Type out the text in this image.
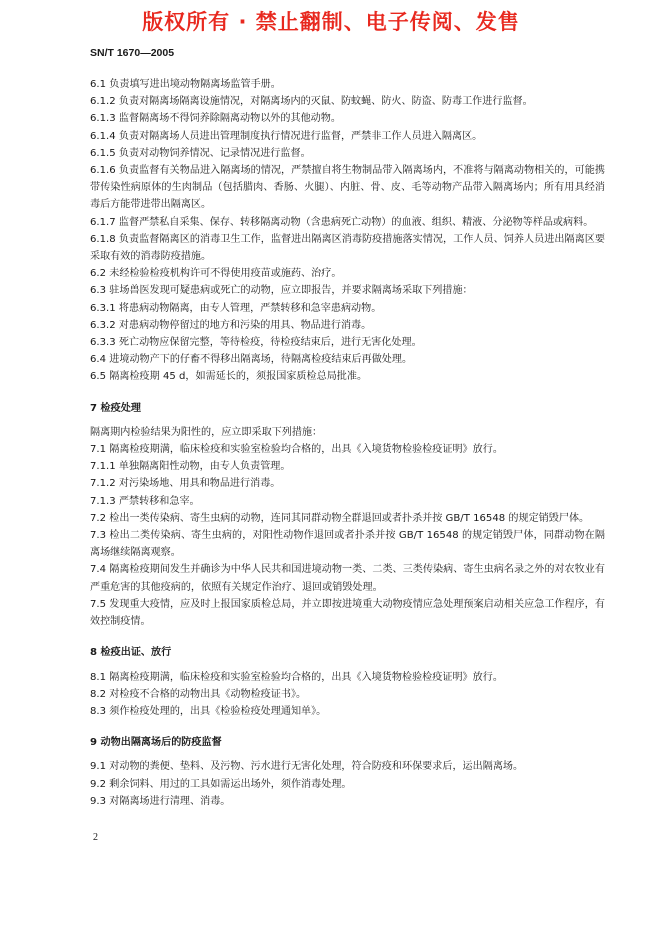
版权所有 · 禁止翻制、电子传阅、发售
SN/T 1670—2005

6.1 负责填写进出境动物隔离场监管手册。

6.1.2 负责对隔离场隔离设施情况，对隔离场内的灭鼠、防蚊蝇、防火、防盗、防毒工作进行监督。

6.1.3 监督隔离场不得饲养除隔离动物以外的其他动物。

6.1.4 负责对隔离场人员进出管理制度执行情况进行监督，严禁非工作人员进入隔离区。

6.1.5 负责对动物饲养情况、记录情况进行监督。

6.1.6 负责监督有关物品进入隔离场的情况，严禁擅自将生物制品带入隔离场内，不准将与隔离动物相关的，可能携带传染性病原体的生肉制品（包括腊肉、香肠、火腿）、内脏、骨、皮、毛等动物产品带入隔离场内；所有用具经消毒后方能带进带出隔离区。

6.1.7 监督严禁私自采集、保存、转移隔离动物（含患病死亡动物）的血液、组织、精液、分泌物等样品或病料。

6.1.8 负责监督隔离区的消毒卫生工作，监督进出隔离区消毒防疫措施落实情况，工作人员、饲养人员进出隔离区要采取有效的消毒防疫措施。

6.2 未经检验检疫机构许可不得使用疫苗或施药、治疗。

6.3 驻场兽医发现可疑患病或死亡的动物，应立即报告，并要求隔离场采取下列措施：

6.3.1 将患病动物隔离，由专人管理，严禁转移和急宰患病动物。

6.3.2 对患病动物停留过的地方和污染的用具、物品进行消毒。

6.3.3 死亡动物应保留完整，等待检疫，待检疫结束后，进行无害化处理。

6.4 进境动物产下的仔畜不得移出隔离场，待隔离检疫结束后再做处理。

6.5 隔离检疫期 45 d，如需延长的，须报国家质检总局批准。

7 检疫处理

隔离期内检验结果为阳性的，应立即采取下列措施：

7.1 隔离检疫期满，临床检疫和实验室检验均合格的，出具《入境货物检验检疫证明》放行。

7.1.1 单独隔离阳性动物，由专人负责管理。

7.1.2 对污染场地、用具和物品进行消毒。

7.1.3 严禁转移和急宰。

7.2 检出一类传染病、寄生虫病的动物，连同其同群动物全群退回或者扑杀并按 GB/T 16548 的规定销毁尸体。

7.3 检出二类传染病、寄生虫病的，对阳性动物作退回或者扑杀并按 GB/T 16548 的规定销毁尸体，同群动物在隔离场继续隔离观察。

7.4 隔离检疫期间发生并确诊为中华人民共和国进境动物一类、二类、三类传染病、寄生虫病名录之外的对农牧业有严重危害的其他疫病的，依照有关规定作治疗、退回或销毁处理。

7.5 发现重大疫情，应及时上报国家质检总局，并立即按进境重大动物疫情应急处理预案启动相关应急工作程序，有效控制疫情。

8 检疫出证、放行

8.1 隔离检疫期满，临床检疫和实验室检验均合格的，出具《入境货物检验检疫证明》放行。

8.2 对检疫不合格的动物出具《动物检疫证书》。

8.3 须作检疫处理的，出具《检验检疫处理通知单》。

9 动物出隔离场后的防疫监督

9.1 对动物的粪便、垫料、及污物、污水进行无害化处理，符合防疫和环保要求后，运出隔离场。

9.2 剩余饲料、用过的工具如需运出场外，须作消毒处理。

9.3 对隔离场进行清理、消毒。

2
